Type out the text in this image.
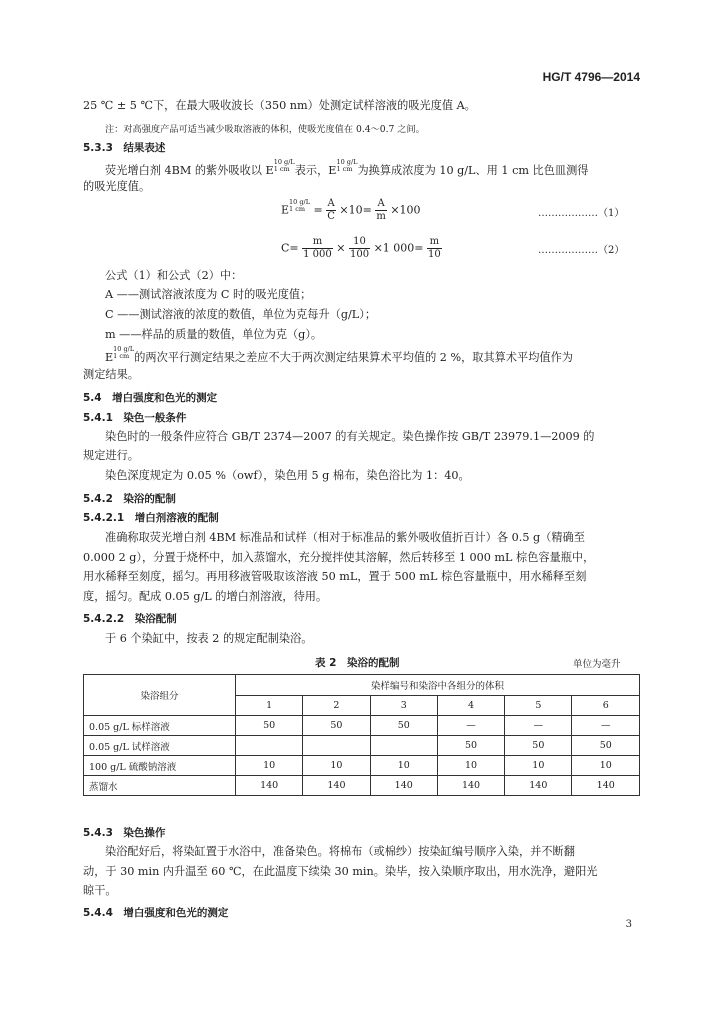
HG/T 4796—2014
25 ℃ ± 5 ℃下，在最大吸收波长（350 nm）处测定试样溶液的吸光度值 A。
注：对高强度产品可适当减少吸取溶液的体积，使吸光度值在 0.4～0.7 之间。
5.3.3　结果表述
荧光增白剂 4BM 的紫外吸收以 E10 g/L
1 cm 表示，E10 g/L
1 cm 为换算成浓度为 10 g/L、用 1 cm 比色皿测得
的吸光度值。
E10 g/L
1 cm = $\frac{A}{C} \times 10= \frac{A}{m} \times 100$	………………（1）
$C= \frac{m}{1 000} \times \frac{10}{100} \times 1$ $000= \frac{m}{10}$	………………（2）
公式（1）和公式（2）中：
A ——测试溶液浓度为 C 时的吸光度值；
C ——测试溶液的浓度的数值，单位为克每升（g/L）；
m ——样品的质量的数值，单位为克（g）。
E10 g/L
1 cm 的两次平行测定结果之差应不大于两次测定结果算术平均值的 2 %，取其算术平均值作为
测定结果。
5.4　增白强度和色光的测定
5.4.1　染色一般条件
染色时的一般条件应符合 GB/T 2374—2007 的有关规定。染色操作按 GB/T 23979.1—2009 的
规定进行。
染色深度规定为 0.05 %（owf），染色用 5 g 棉布，染色浴比为 1：40。
5.4.2　染浴的配制
5.4.2.1　增白剂溶液的配制
准确称取荧光增白剂 4BM 标准品和试样（相对于标准品的紫外吸收值折百计）各 0.5 g（精确至
0.000 2 g），分置于烧杯中，加入蒸馏水，充分搅拌使其溶解，然后转移至 1 000 mL 棕色容量瓶中，
用水稀释至刻度，摇匀。再用移液管吸取该溶液 50 mL，置于 500 mL 棕色容量瓶中，用水稀释至刻
度，摇匀。配成 0.05 g/L 的增白剂溶液，待用。
5.4.2.2　染浴配制
于 6 个染缸中，按表 2 的规定配制染浴。
表 2　染浴的配制	单位为毫升
染浴组分	染样编号和染浴中各组分的体积					
	1	2	3	4	5	6
0.05 g/L 标样溶液	50	50	50	—	—	—
0.05 g/L 试样溶液				50	50	50
100 g/L 硫酸钠溶液	10	10	10	10	10	10
蒸馏水	140	140	140	140	140	140
5.4.3　染色操作
染浴配好后，将染缸置于水浴中，准备染色。将棉布（或棉纱）按染缸编号顺序入染，并不断翻
动，于 30 min 内升温至 60 ℃，在此温度下续染 30 min。染毕，按入染顺序取出，用水洗净，避阳光
晾干。
5.4.4　增白强度和色光的测定
3
